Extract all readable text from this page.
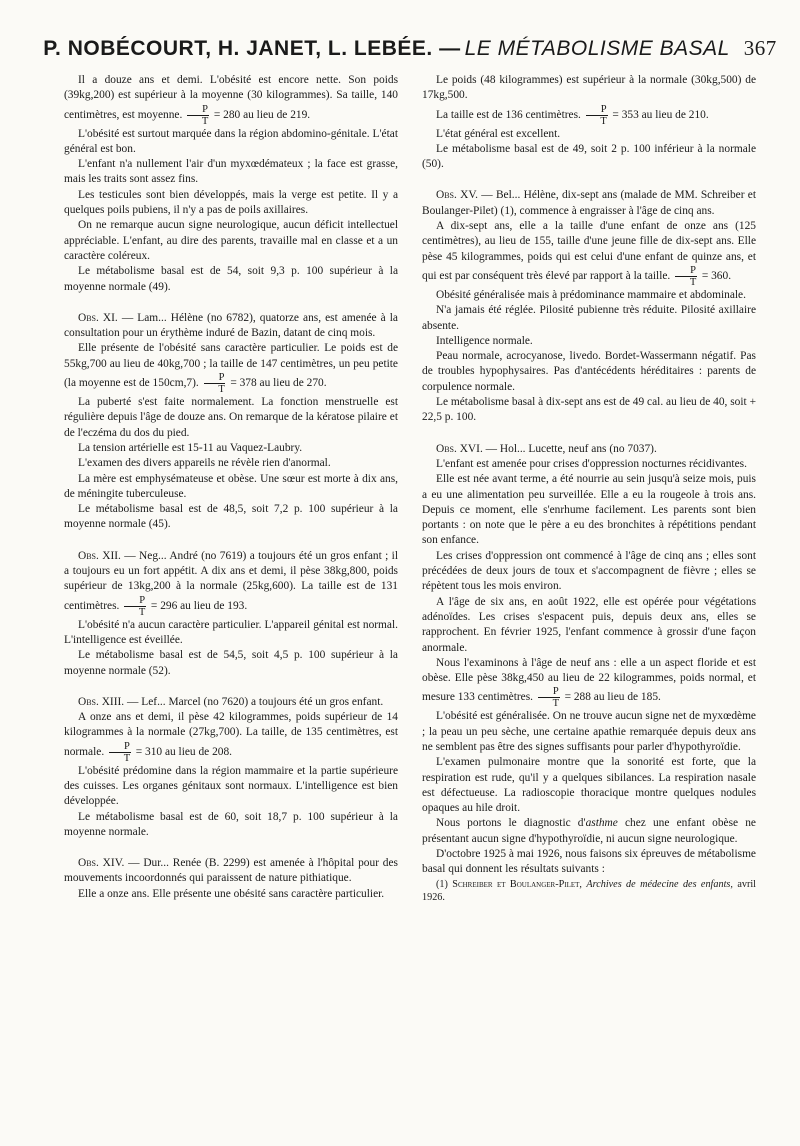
P. NOBÉCOURT, H. JANET, L. LEBÉE. — LE MÉTABOLISME BASAL 367

Il a douze ans et demi. L'obésité est encore nette. Son poids (39kg,200) est supérieur à la moyenne (30 kilogrammes). Sa taille, 140 centimètres, est moyenne. $\frac{P}{T} = 280$ au lieu de 219.

L'obésité est surtout marquée dans la région abdomino-génitale. L'état général est bon.

L'enfant n'a nullement l'air d'un myxœdémateux ; la face est grasse, mais les traits sont assez fins.

Les testicules sont bien développés, mais la verge est petite. Il y a quelques poils pubiens, il n'y a pas de poils axillaires.

On ne remarque aucun signe neurologique, aucun déficit intellectuel appréciable. L'enfant, au dire des parents, travaille mal en classe et a un caractère coléreux.

Le métabolisme basal est de 54, soit 9,3 p. 100 supérieur à la moyenne normale (49).

Obs. XI. — Lam... Hélène (no 6782), quatorze ans, est amenée à la consultation pour un érythème induré de Bazin, datant de cinq mois.

Elle présente de l'obésité sans caractère particulier. Le poids est de 55kg,700 au lieu de 40kg,700 ; la taille de 147 centimètres, un peu petite (la moyenne est de 150cm,7). $\frac{P}{T} = 378$ au lieu de 270.

La puberté s'est faite normalement. La fonction menstruelle est régulière depuis l'âge de douze ans. On remarque de la kératose pilaire et de l'eczéma du dos du pied.

La tension artérielle est 15-11 au Vaquez-Laubry.

L'examen des divers appareils ne révèle rien d'anormal.

La mère est emphysémateuse et obèse. Une sœur est morte à dix ans, de méningite tuberculeuse.

Le métabolisme basal est de 48,5, soit 7,2 p. 100 supérieur à la moyenne normale (45).

Obs. XII. — Neg... André (no 7619) a toujours été un gros enfant ; il a toujours eu un fort appétit. A dix ans et demi, il pèse 38kg,800, poids supérieur de 13kg,200 à la normale (25kg,600). La taille est de 131 centimètres. $\frac{P}{T} = 296$ au lieu de 193.

L'obésité n'a aucun caractère particulier. L'appareil génital est normal. L'intelligence est éveillée.

Le métabolisme basal est de 54,5, soit 4,5 p. 100 supérieur à la moyenne normale (52).

Obs. XIII. — Lef... Marcel (no 7620) a toujours été un gros enfant.

A onze ans et demi, il pèse 42 kilogrammes, poids supérieur de 14 kilogrammes à la normale (27kg,700). La taille, de 135 centimètres, est normale. $\frac{P}{T} = 310$ au lieu de 208.

L'obésité prédomine dans la région mammaire et la partie supérieure des cuisses. Les organes génitaux sont normaux. L'intelligence est bien développée.

Le métabolisme basal est de 60, soit 18,7 p. 100 supérieur à la moyenne normale.

Obs. XIV. — Dur... Renée (B. 2299) est amenée à l'hôpital pour des mouvements incoordonnés qui paraissent de nature pithiatique.

Elle a onze ans. Elle présente une obésité sans caractère particulier.

Le poids (48 kilogrammes) est supérieur à la normale (30kg,500) de 17kg,500.

La taille est de 136 centimètres. $\frac{P}{T} = 353$ au lieu de 210.

L'état général est excellent.

Le métabolisme basal est de 49, soit 2 p. 100 inférieur à la normale (50).

Obs. XV. — Bel... Hélène, dix-sept ans (malade de MM. Schreiber et Boulanger-Pilet) (1), commence à engraisser à l'âge de cinq ans.

A dix-sept ans, elle a la taille d'une enfant de onze ans (125 centimètres), au lieu de 155, taille d'une jeune fille de dix-sept ans. Elle pèse 45 kilogrammes, poids qui est celui d'une enfant de quinze ans, et qui est par conséquent très élevé par rapport à la taille. $\frac{P}{T} = 360$.

Obésité généralisée mais à prédominance mammaire et abdominale.

N'a jamais été réglée. Pilosité pubienne très réduite. Pilosité axillaire absente.

Intelligence normale.

Peau normale, acrocyanose, livedo. Bordet-Wassermann négatif. Pas de troubles hypophysaires. Pas d'antécédents héréditaires : parents de corpulence normale.

Le métabolisme basal à dix-sept ans est de 49 cal. au lieu de 40, soit + 22,5 p. 100.

Obs. XVI. — Hol... Lucette, neuf ans (no 7037).

L'enfant est amenée pour crises d'oppression nocturnes récidivantes.

Elle est née avant terme, a été nourrie au sein jusqu'à seize mois, puis a eu une alimentation peu surveillée. Elle a eu la rougeole à trois ans. Depuis ce moment, elle s'enrhume facilement. Les parents sont bien portants : on note que le père a eu des bronchites à répétitions pendant son enfance.

Les crises d'oppression ont commencé à l'âge de cinq ans ; elles sont précédées de deux jours de toux et s'accompagnent de fièvre ; elles se répètent tous les mois environ.

A l'âge de six ans, en août 1922, elle est opérée pour végétations adénoïdes. Les crises s'espacent puis, depuis deux ans, elles se rapprochent. En février 1925, l'enfant commence à grossir d'une façon anormale.

Nous l'examinons à l'âge de neuf ans : elle a un aspect floride et est obèse. Elle pèse 38kg,450 au lieu de 22 kilogrammes, poids normal, et mesure 133 centimètres. $\frac{P}{T} = 288$ au lieu de 185.

L'obésité est généralisée. On ne trouve aucun signe net de myxœdème ; la peau un peu sèche, une certaine apathie remarquée depuis deux ans ne semblent pas être des signes suffisants pour parler d'hypothyroïdie.

L'examen pulmonaire montre que la sonorité est forte, que la respiration est rude, qu'il y a quelques sibilances. La respiration nasale est défectueuse. La radioscopie thoracique montre quelques nodules opaques au hile droit.

Nous portons le diagnostic d'asthme chez une enfant obèse ne présentant aucun signe d'hypothyroïdie, ni aucun signe neurologique.

D'octobre 1925 à mai 1926, nous faisons six épreuves de métabolisme basal qui donnent les résultats suivants :

(1) Schreiber et Boulanger-Pilet, Archives de médecine des enfants, avril 1926.
